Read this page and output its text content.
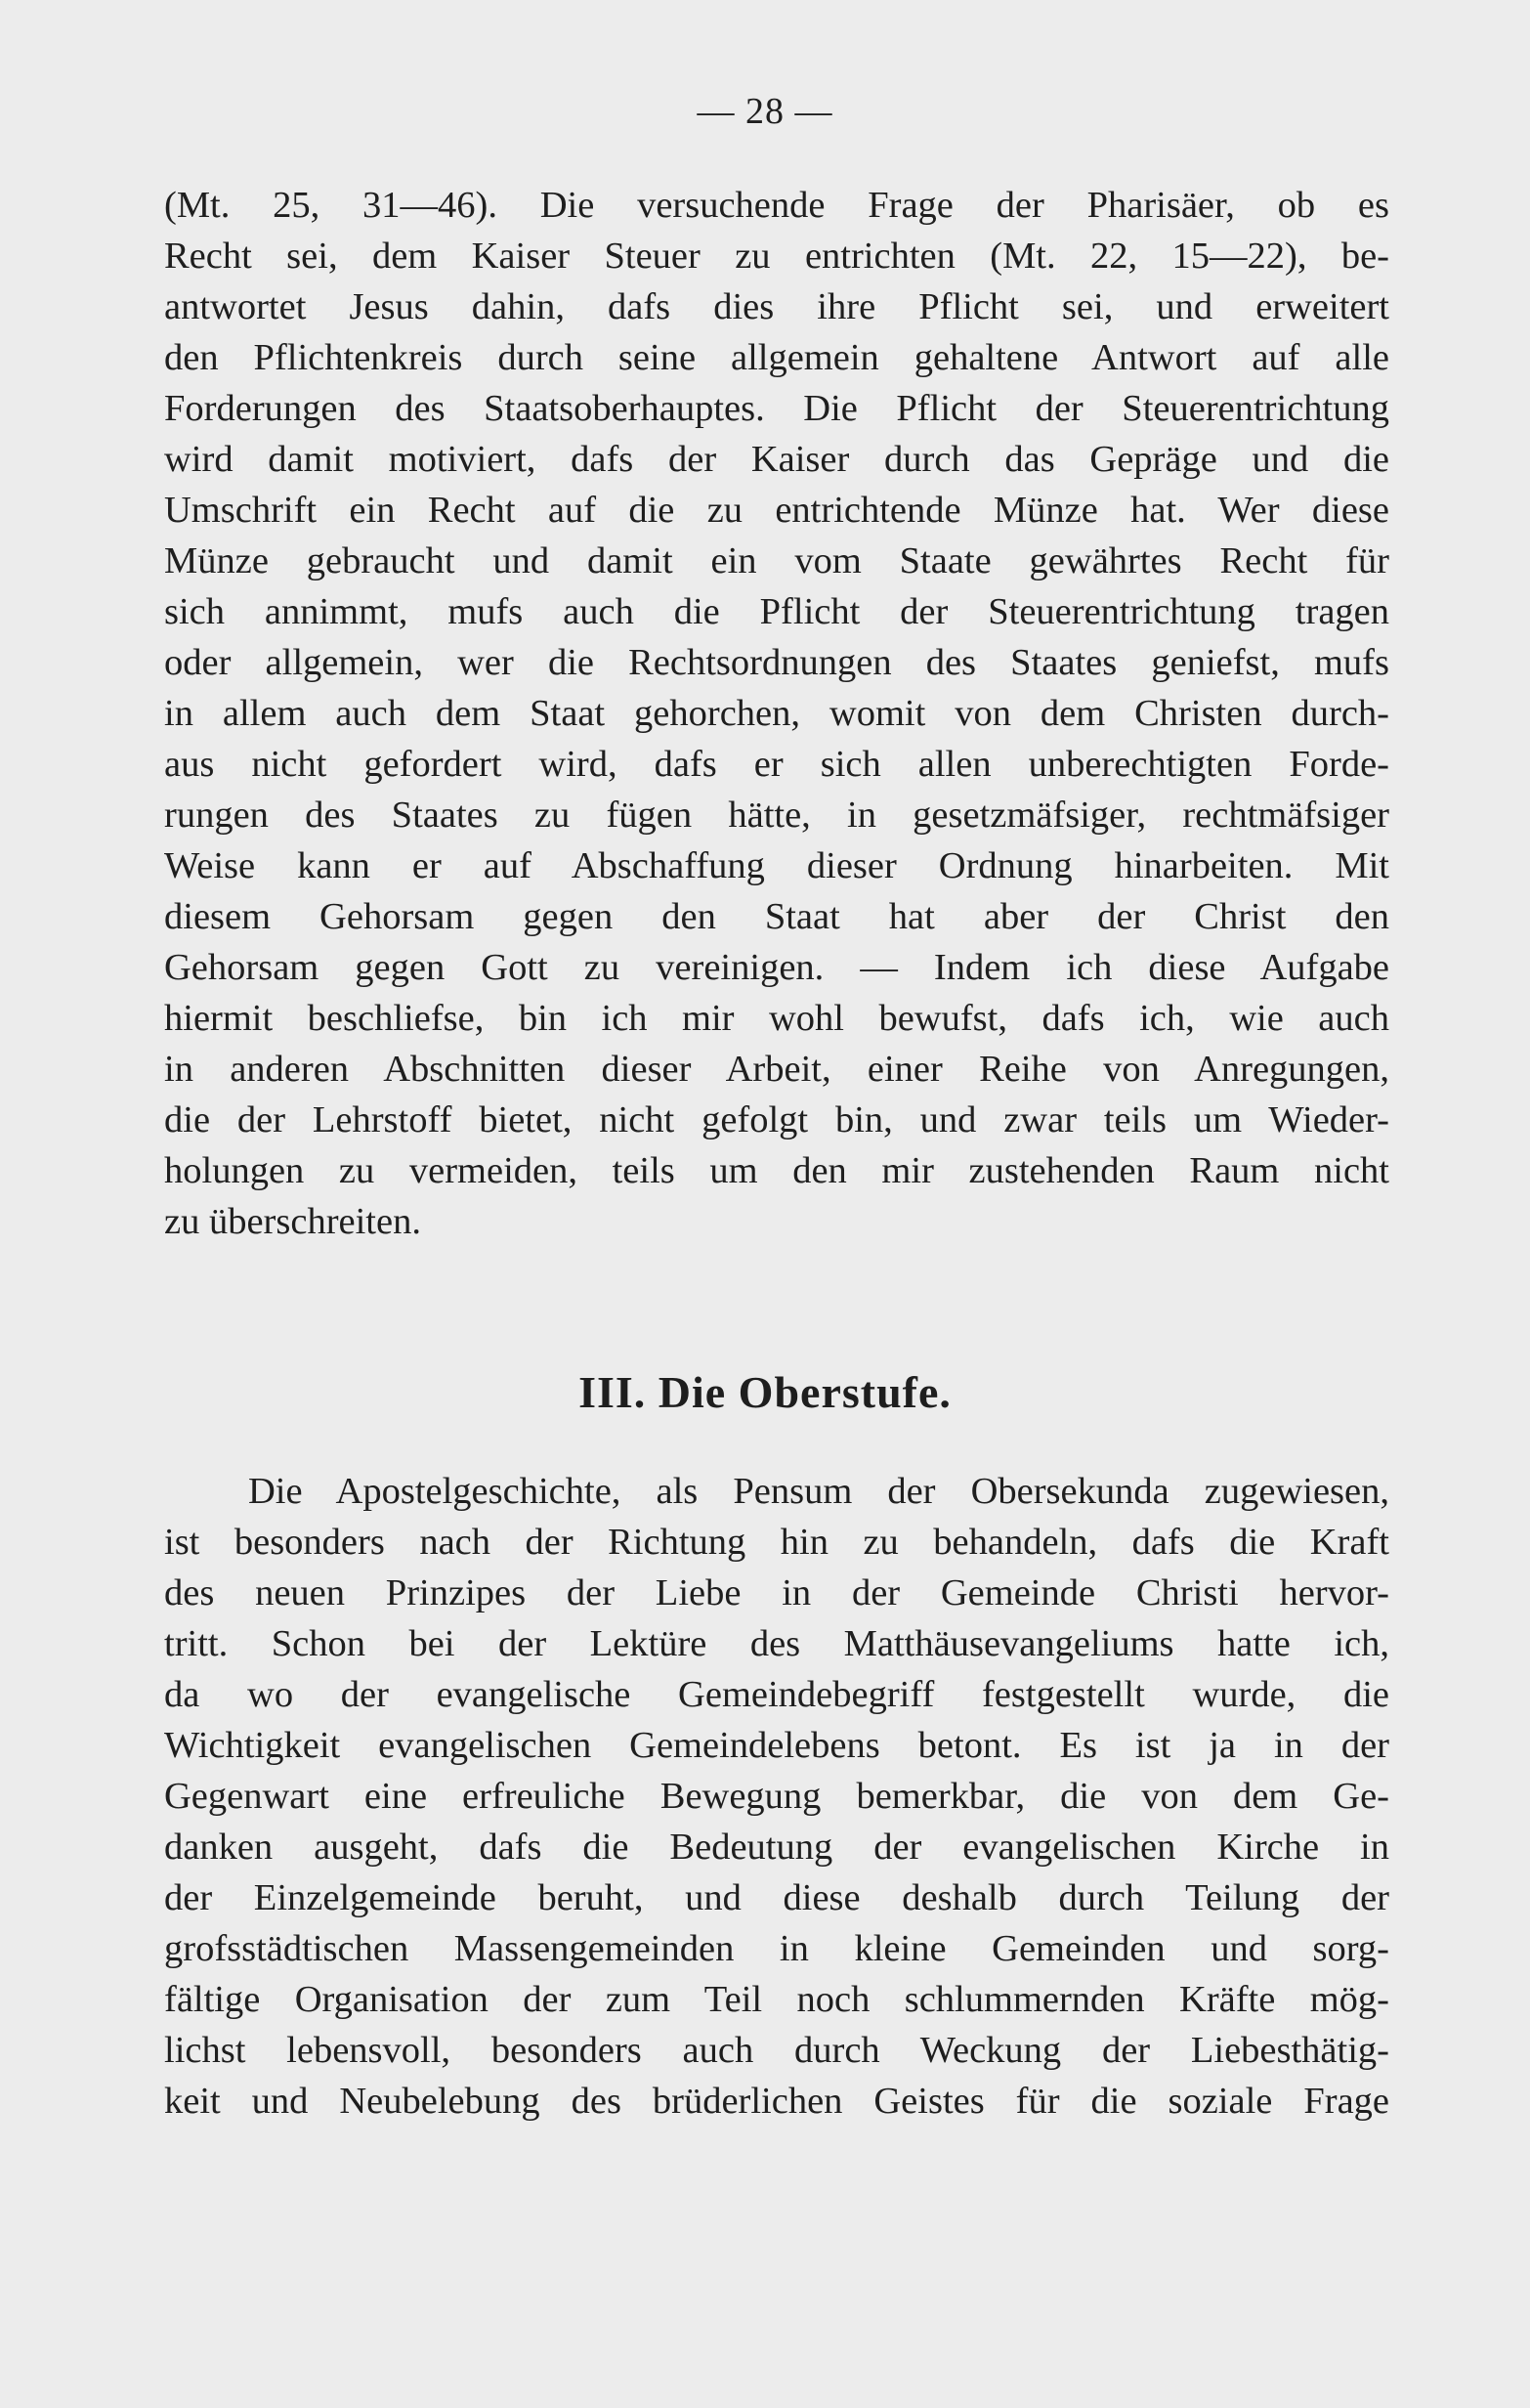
— 28 —
(Mt. 25, 31—46). Die versuchende Frage der Pharisäer, ob es
Recht sei, dem Kaiser Steuer zu entrichten (Mt. 22, 15—22), be-
antwortet Jesus dahin, dafs dies ihre Pflicht sei, und erweitert
den Pflichtenkreis durch seine allgemein gehaltene Antwort auf alle
Forderungen des Staatsoberhauptes. Die Pflicht der Steuerentrichtung
wird damit motiviert, dafs der Kaiser durch das Gepräge und die
Umschrift ein Recht auf die zu entrichtende Münze hat. Wer diese
Münze gebraucht und damit ein vom Staate gewährtes Recht für
sich annimmt, mufs auch die Pflicht der Steuerentrichtung tragen
oder allgemein, wer die Rechtsordnungen des Staates geniefst, mufs
in allem auch dem Staat gehorchen, womit von dem Christen durch-
aus nicht gefordert wird, dafs er sich allen unberechtigten Forde-
rungen des Staates zu fügen hätte, in gesetzmäfsiger, rechtmäfsiger
Weise kann er auf Abschaffung dieser Ordnung hinarbeiten. Mit
diesem Gehorsam gegen den Staat hat aber der Christ den
Gehorsam gegen Gott zu vereinigen. — Indem ich diese Aufgabe
hiermit beschliefse, bin ich mir wohl bewufst, dafs ich, wie auch
in anderen Abschnitten dieser Arbeit, einer Reihe von Anregungen,
die der Lehrstoff bietet, nicht gefolgt bin, und zwar teils um Wieder-
holungen zu vermeiden, teils um den mir zustehenden Raum nicht
zu überschreiten.
III. Die Oberstufe.
Die Apostelgeschichte, als Pensum der Obersekunda zugewiesen,
ist besonders nach der Richtung hin zu behandeln, dafs die Kraft
des neuen Prinzipes der Liebe in der Gemeinde Christi hervor-
tritt. Schon bei der Lektüre des Matthäusevangeliums hatte ich,
da wo der evangelische Gemeindebegriff festgestellt wurde, die
Wichtigkeit evangelischen Gemeindelebens betont. Es ist ja in der
Gegenwart eine erfreuliche Bewegung bemerkbar, die von dem Ge-
danken ausgeht, dafs die Bedeutung der evangelischen Kirche in
der Einzelgemeinde beruht, und diese deshalb durch Teilung der
grofsstädtischen Massengemeinden in kleine Gemeinden und sorg-
fältige Organisation der zum Teil noch schlummernden Kräfte mög-
lichst lebensvoll, besonders auch durch Weckung der Liebesthätig-
keit und Neubelebung des brüderlichen Geistes für die soziale Frage
